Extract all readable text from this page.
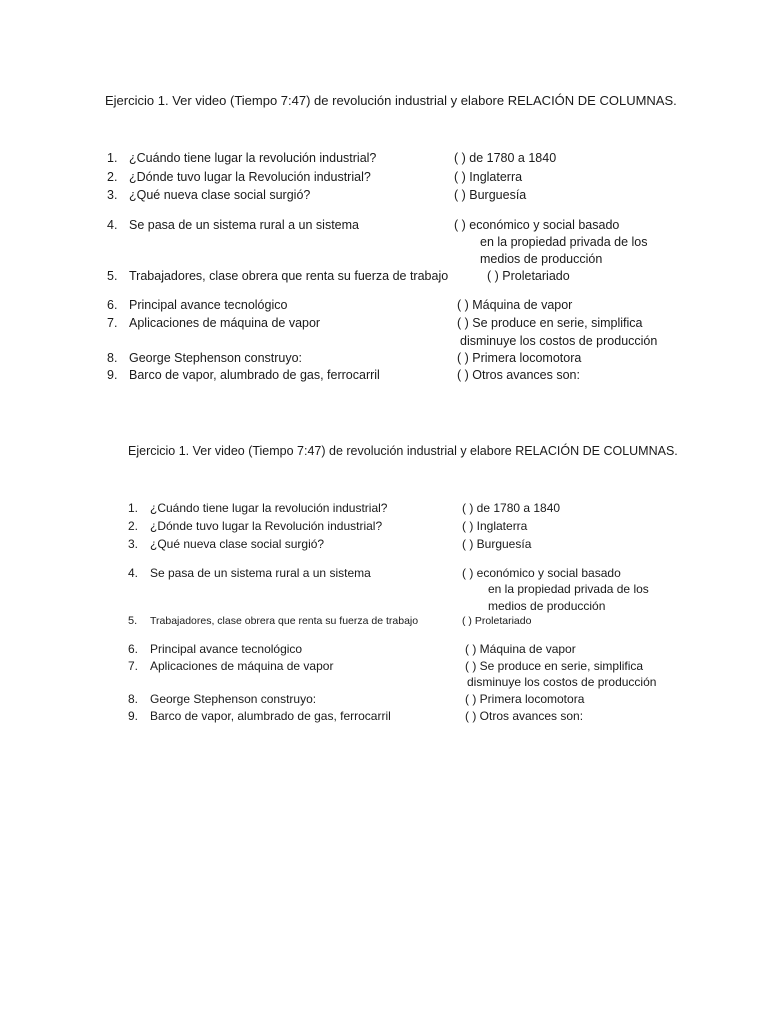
Ejercicio 1. Ver video (Tiempo 7:47) de revolución industrial y elabore RELACIÓN DE COLUMNAS.
1.
2.
3.
4.
5.
6.
7.
8.
9.
¿Cuándo tiene lugar la revolución industrial?
¿Dónde tuvo lugar la Revolución industrial?
¿Qué nueva clase social surgió?
Se pasa de un sistema rural a un sistema
Trabajadores, clase obrera que renta su fuerza de trabajo
Principal avance tecnológico
Aplicaciones de máquina de vapor
George Stephenson construyo:
Barco de vapor, alumbrado de gas, ferrocarril
( ) de 1780 a 1840
( ) Inglaterra
( ) Burguesía
( ) económico y social basado
en la propiedad privada de los
medios de producción
( ) Proletariado
( ) Máquina de vapor
( ) Se produce en serie, simplifica
disminuye los costos de producción
( ) Primera locomotora
( ) Otros avances son:
Ejercicio 1. Ver video (Tiempo 7:47) de revolución industrial y elabore RELACIÓN DE COLUMNAS.
1.
2.
3.
4.
5.
6.
7.
8.
9.
¿Cuándo tiene lugar la revolución industrial?
¿Dónde tuvo lugar la Revolución industrial?
¿Qué nueva clase social surgió?
Se pasa de un sistema rural a un sistema
Trabajadores, clase obrera que renta su fuerza de trabajo
Principal avance tecnológico
Aplicaciones de máquina de vapor
George Stephenson construyo:
Barco de vapor, alumbrado de gas, ferrocarril
( ) de 1780 a 1840
( ) Inglaterra
( ) Burguesía
( ) económico y social basado
en la propiedad privada de los
medios de producción
( ) Proletariado
( ) Máquina de vapor
( ) Se produce en serie, simplifica
disminuye los costos de producción
( ) Primera locomotora
( ) Otros avances son:
